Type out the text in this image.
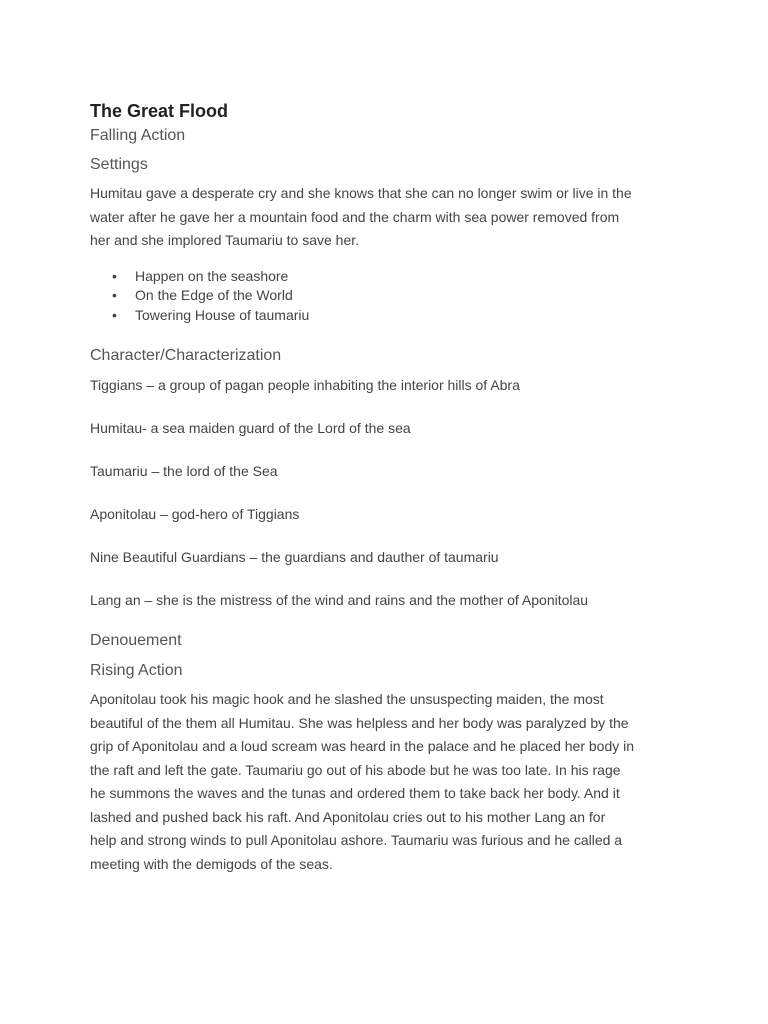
The Great Flood
Falling Action
Settings
Humitau gave a desperate cry and she knows that she can no longer swim or live in the
water after he gave her a mountain food and the charm with sea power removed from
her and she implored Taumariu to save her.
• Happen on the seashore
• On the Edge of the World
• Towering House of taumariu
Character/Characterization

Tiggians – a group of pagan people inhabiting the interior hills of Abra

Humitau- a sea maiden guard of the Lord of the sea

Taumariu – the lord of the Sea

Aponitolau – god-hero of Tiggians

Nine Beautiful Guardians – the guardians and dauther of taumariu

Lang an – she is the mistress of the wind and rains and the mother of Aponitolau

Denouement
Rising Action
Aponitolau took his magic hook and he slashed the unsuspecting maiden, the most
beautiful of the them all Humitau. She was helpless and her body was paralyzed by the
grip of Aponitolau and a loud scream was heard in the palace and he placed her body in
the raft and left the gate. Taumariu go out of his abode but he was too late. In his rage
he summons the waves and the tunas and ordered them to take back her body. And it
lashed and pushed back his raft. And Aponitolau cries out to his mother Lang an for
help and strong winds to pull Aponitolau ashore. Taumariu was furious and he called a
meeting with the demigods of the seas.
